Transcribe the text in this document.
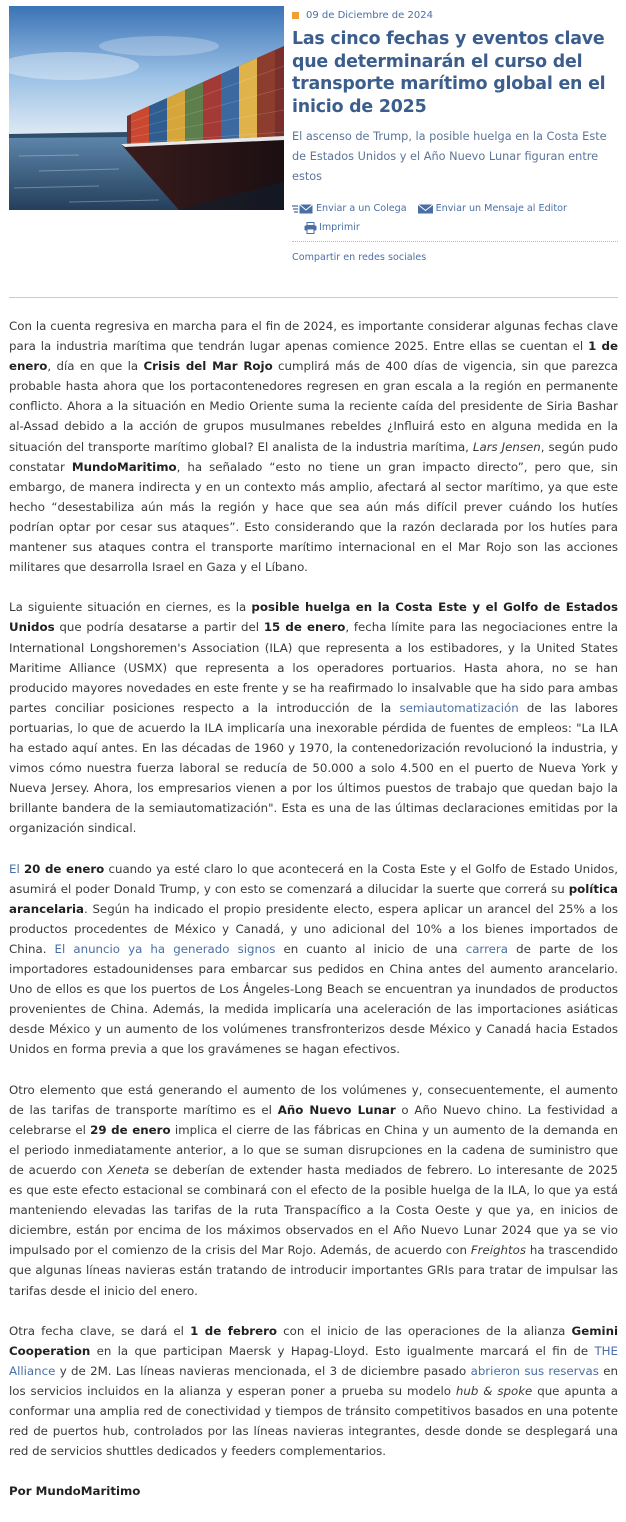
09 de Diciembre de 2024
Las cinco fechas y eventos clave que determinarán el curso del transporte marítimo global en el inicio de 2025
El ascenso de Trump, la posible huelga en la Costa Este de Estados Unidos y el Año Nuevo Lunar figuran entre estos
Enviar a un Colega	Enviar un Mensaje al Editor
Imprimir
Compartir en redes sociales

Con la cuenta regresiva en marcha para el fin de 2024, es importante considerar algunas fechas clave para la industria marítima que tendrán lugar apenas comience 2025. Entre ellas se cuentan el 1 de enero, día en que la Crisis del Mar Rojo cumplirá más de 400 días de vigencia, sin que parezca probable hasta ahora que los portacontenedores regresen en gran escala a la región en permanente conflicto. Ahora a la situación en Medio Oriente suma la reciente caída del presidente de Siria Bashar al-Assad debido a la acción de grupos musulmanes rebeldes ¿Influirá esto en alguna medida en la situación del transporte marítimo global? El analista de la industria marítima, Lars Jensen, según pudo constatar MundoMaritimo, ha señalado “esto no tiene un gran impacto directo”, pero que, sin embargo, de manera indirecta y en un contexto más amplio, afectará al sector marítimo, ya que este hecho “desestabiliza aún más la región y hace que sea aún más difícil prever cuándo los hutíes podrían optar por cesar sus ataques”. Esto considerando que la razón declarada por los hutíes para mantener sus ataques contra el transporte marítimo internacional en el Mar Rojo son las acciones militares que desarrolla Israel en Gaza y el Líbano.

La siguiente situación en ciernes, es la posible huelga en la Costa Este y el Golfo de Estados Unidos que podría desatarse a partir del 15 de enero, fecha límite para las negociaciones entre la International Longshoremen's Association (ILA) que representa a los estibadores, y la United States Maritime Alliance (USMX) que representa a los operadores portuarios. Hasta ahora, no se han producido mayores novedades en este frente y se ha reafirmado lo insalvable que ha sido para ambas partes conciliar posiciones respecto a la introducción de la semiautomatización de las labores portuarias, lo que de acuerdo la ILA implicaría una inexorable pérdida de fuentes de empleos: "La ILA ha estado aquí antes. En las décadas de 1960 y 1970, la contenedorización revolucionó la industria, y vimos cómo nuestra fuerza laboral se reducía de 50.000 a solo 4.500 en el puerto de Nueva York y Nueva Jersey. Ahora, los empresarios vienen a por los últimos puestos de trabajo que quedan bajo la brillante bandera de la semiautomatización". Esta es una de las últimas declaraciones emitidas por la organización sindical.

El 20 de enero cuando ya esté claro lo que acontecerá en la Costa Este y el Golfo de Estado Unidos, asumirá el poder Donald Trump, y con esto se comenzará a dilucidar la suerte que correrá su política arancelaria. Según ha indicado el propio presidente electo, espera aplicar un arancel del 25% a los productos procedentes de México y Canadá, y uno adicional del 10% a los bienes importados de China. El anuncio ya ha generado signos en cuanto al inicio de una carrera de parte de los importadores estadounidenses para embarcar sus pedidos en China antes del aumento arancelario. Uno de ellos es que los puertos de Los Ángeles-Long Beach se encuentran ya inundados de productos provenientes de China. Además, la medida implicaría una aceleración de las importaciones asiáticas desde México y un aumento de los volúmenes transfronterizos desde México y Canadá hacia Estados Unidos en forma previa a que los gravámenes se hagan efectivos.

Otro elemento que está generando el aumento de los volúmenes y, consecuentemente, el aumento de las tarifas de transporte marítimo es el Año Nuevo Lunar o Año Nuevo chino. La festividad a celebrarse el 29 de enero implica el cierre de las fábricas en China y un aumento de la demanda en el periodo inmediatamente anterior, a lo que se suman disrupciones en la cadena de suministro que de acuerdo con Xeneta se deberían de extender hasta mediados de febrero. Lo interesante de 2025 es que este efecto estacional se combinará con el efecto de la posible huelga de la ILA, lo que ya está manteniendo elevadas las tarifas de la ruta Transpacífico a la Costa Oeste y que ya, en inicios de diciembre, están por encima de los máximos observados en el Año Nuevo Lunar 2024 que ya se vio impulsado por el comienzo de la crisis del Mar Rojo. Además, de acuerdo con Freightos ha trascendido que algunas líneas navieras están tratando de introducir importantes GRIs para tratar de impulsar las tarifas desde el inicio del enero.

Otra fecha clave, se dará el 1 de febrero con el inicio de las operaciones de la alianza Gemini Cooperation en la que participan Maersk y Hapag-Lloyd. Esto igualmente marcará el fin de THE Alliance y de 2M. Las líneas navieras mencionada, el 3 de diciembre pasado abrieron sus reservas en los servicios incluidos en la alianza y esperan poner a prueba su modelo hub & spoke que apunta a conformar una amplia red de conectividad y tiempos de tránsito competitivos basados en una potente red de puertos hub, controlados por las líneas navieras integrantes, desde donde se desplegará una red de servicios shuttles dedicados y feeders complementarios.

Por MundoMaritimo
